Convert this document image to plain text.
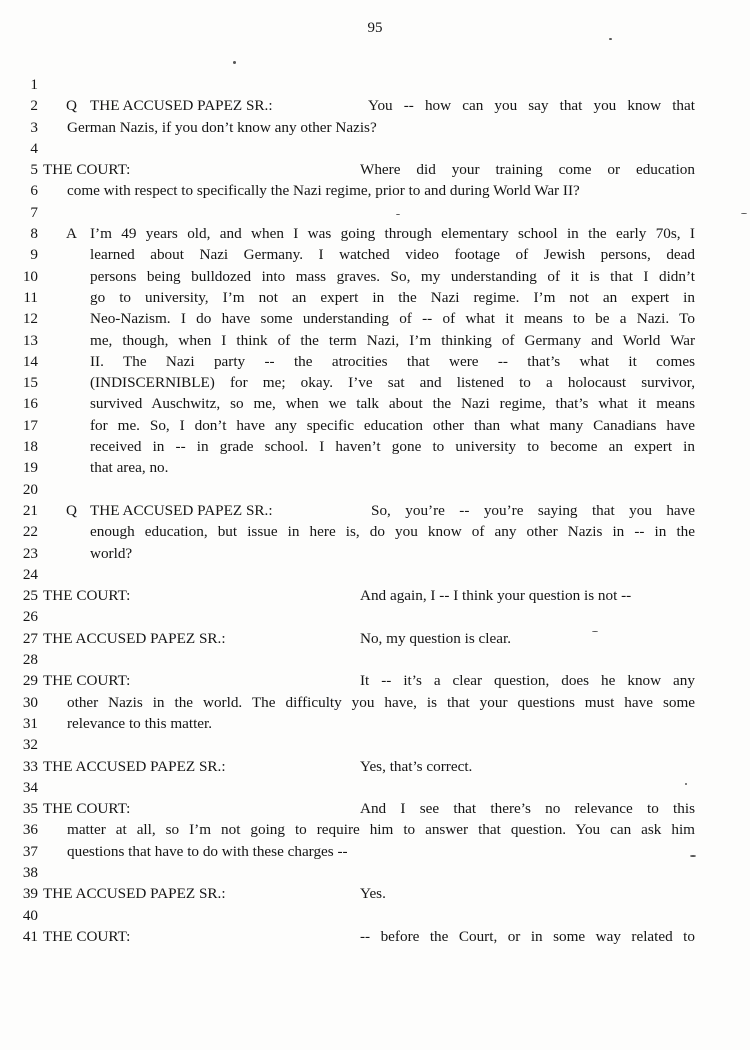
95
1
2 Q THE ACCUSED PAPEZ SR.:	You -- how can you say that you know that
3 German Nazis, if you don’t know any other Nazis?
4
5 THE COURT:	Where did your training come or education
6 come with respect to specifically the Nazi regime, prior to and during World War II?
7
8 A I’m 49 years old, and when I was going through elementary school in the early 70s, I
9	learned about Nazi Germany. I watched video footage of Jewish persons, dead
10	persons being bulldozed into mass graves. So, my understanding of it is that I didn’t
11	go to university, I’m not an expert in the Nazi regime. I’m not an expert in
12	Neo-Nazism. I do have some understanding of -- of what it means to be a Nazi. To
13	me, though, when I think of the term Nazi, I’m thinking of Germany and World War
14	II. The Nazi party -- the atrocities that were -- that’s what it comes
15	(INDISCERNIBLE) for me; okay. I’ve sat and listened to a holocaust survivor,
16	survived Auschwitz, so me, when we talk about the Nazi regime, that’s what it means
17	for me. So, I don’t have any specific education other than what many Canadians have
18	received in -- in grade school. I haven’t gone to university to become an expert in
19	that area, no.
20
21 Q THE ACCUSED PAPEZ SR.:	So, you’re -- you’re saying that you have
22	enough education, but issue in here is, do you know of any other Nazis in -- in the
23	world?
24
25 THE COURT:	And again, I -- I think your question is not --
26
27 THE ACCUSED PAPEZ SR.:	No, my question is clear.
28
29 THE COURT:	It -- it’s a clear question, does he know any
30 other Nazis in the world. The difficulty you have, is that your questions must have some
31 relevance to this matter.
32
33 THE ACCUSED PAPEZ SR.:	Yes, that’s correct.
34
35 THE COURT:	And I see that there’s no relevance to this
36 matter at all, so I’m not going to require him to answer that question. You can ask him
37 questions that have to do with these charges --
38
39 THE ACCUSED PAPEZ SR.:	Yes.
40
41 THE COURT:	-- before the Court, or in some way related to
